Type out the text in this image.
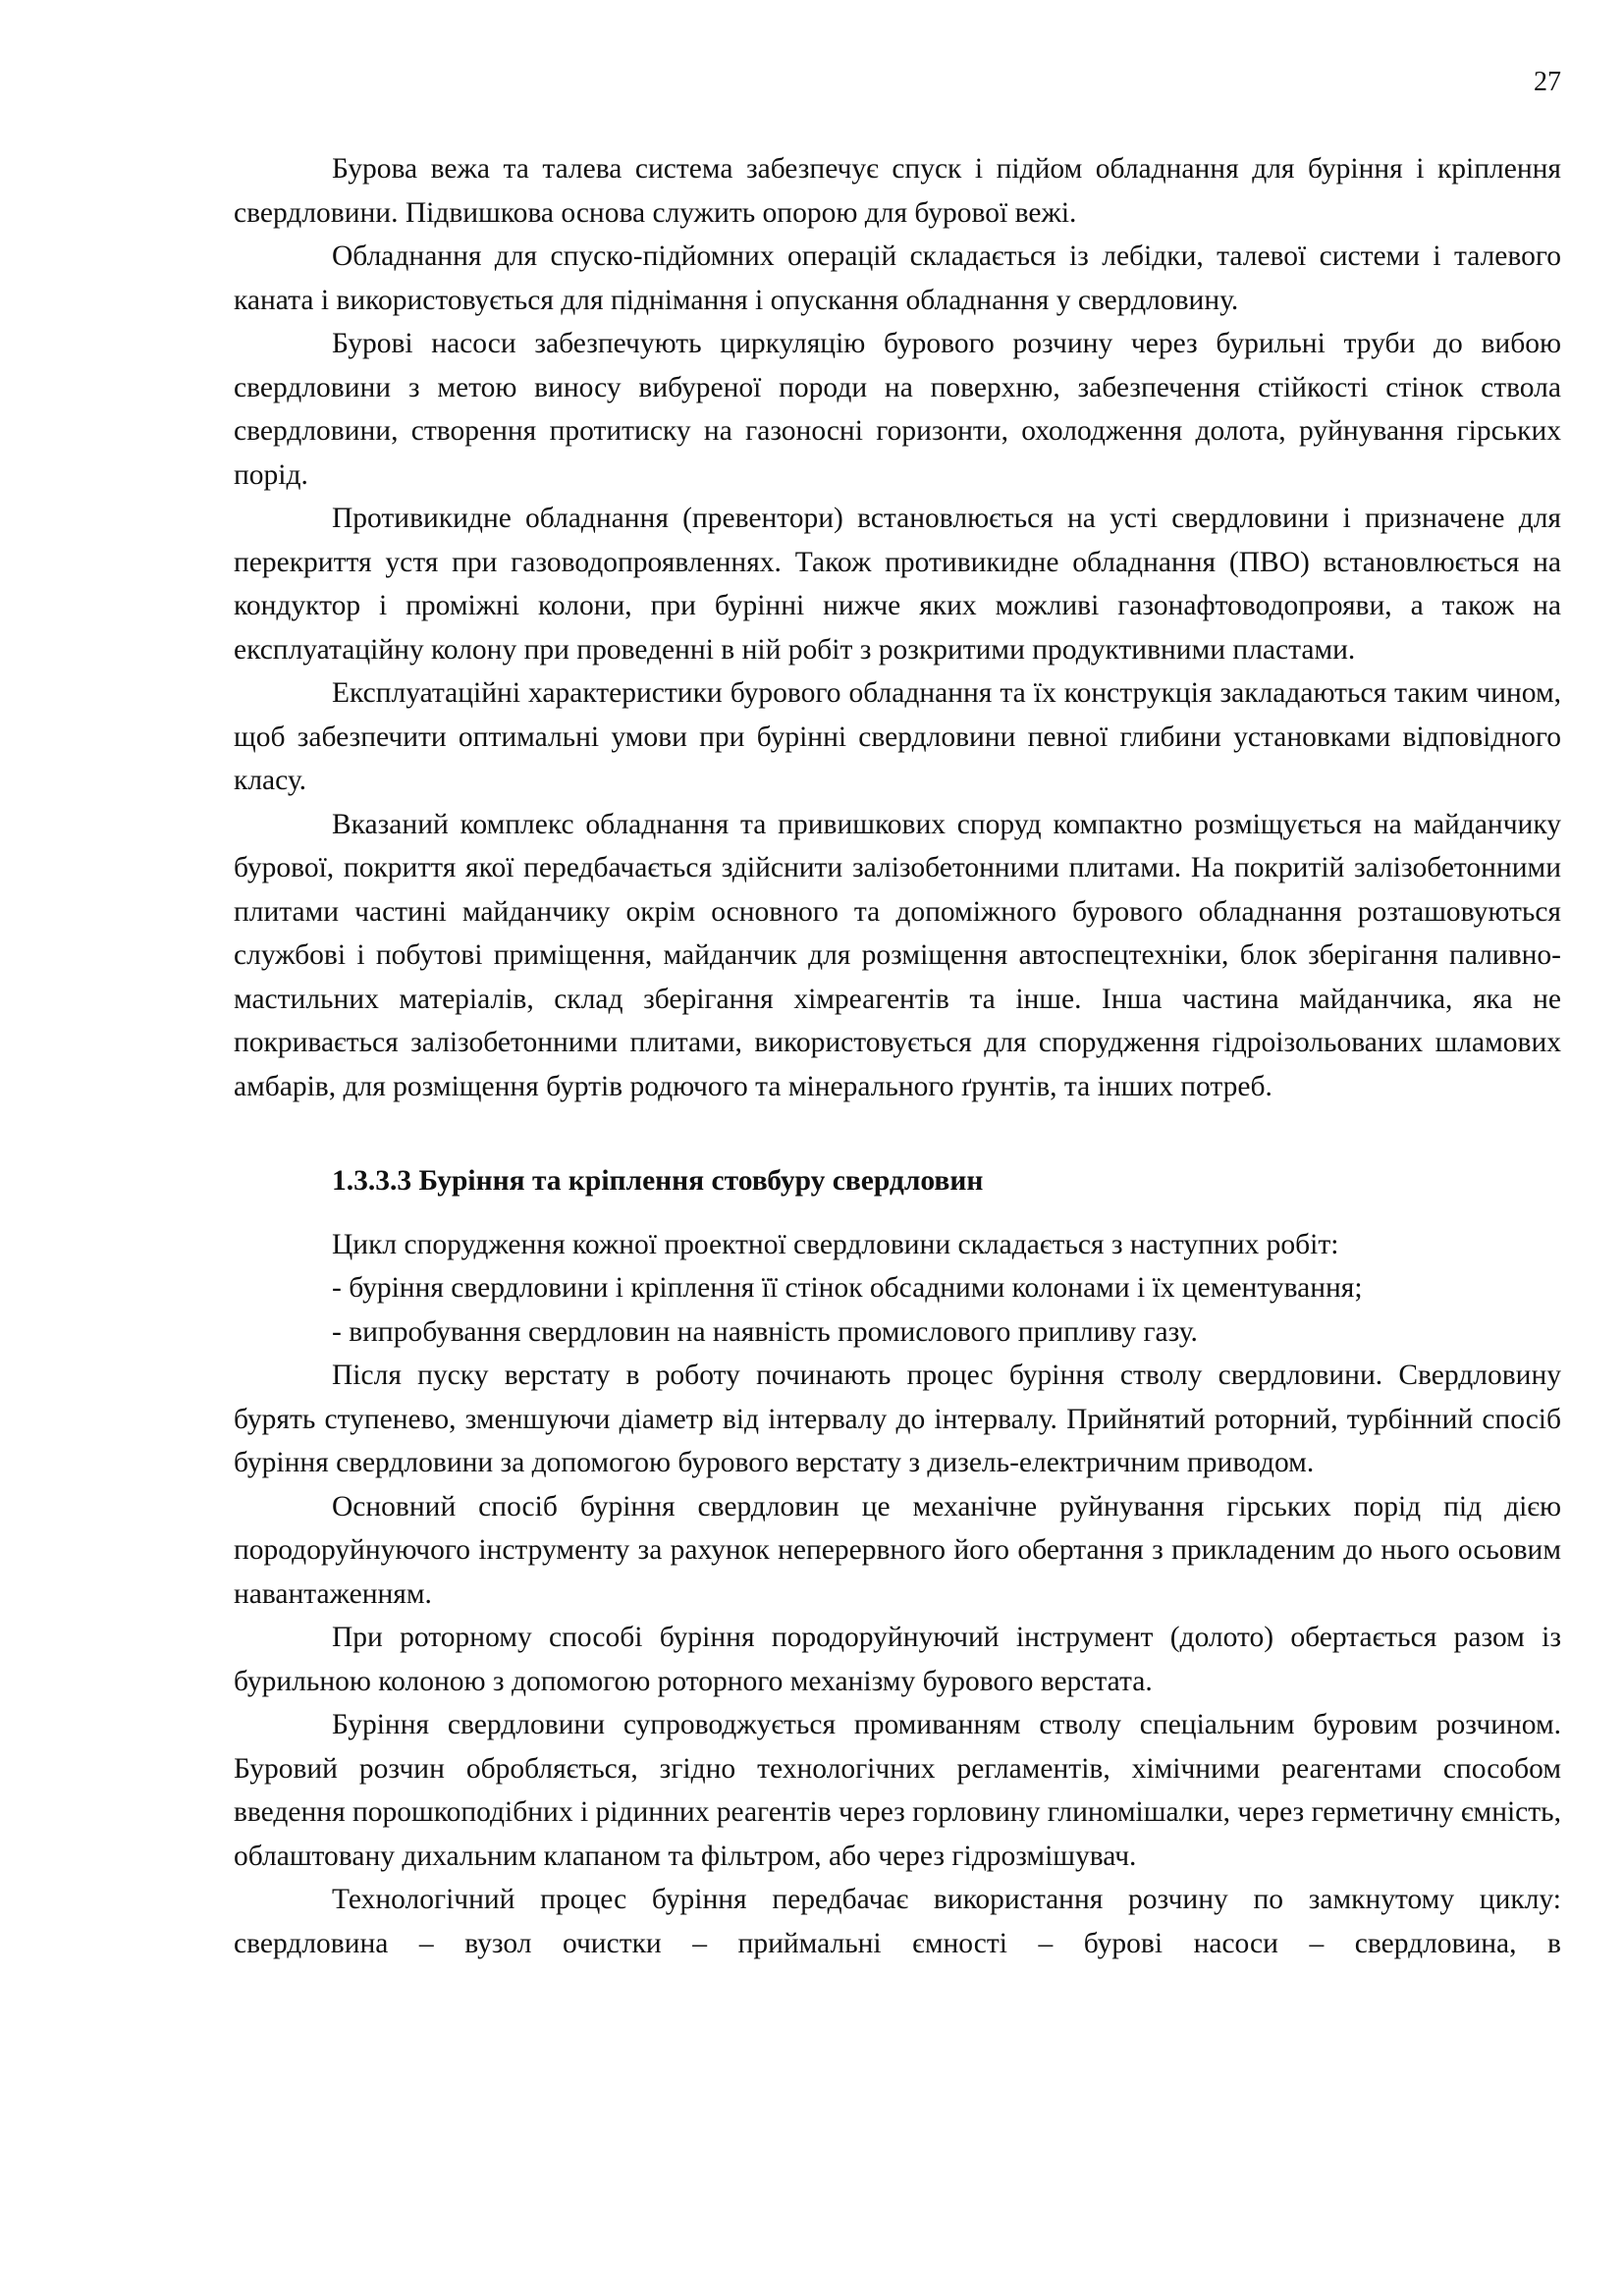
27

Бурова вежа та талева система забезпечує спуск і підйом обладнання для буріння і кріплення свердловини. Підвишкова основа служить опорою для бурової вежі.

Обладнання для спуско-підйомних операцій складається із лебідки, талевої системи і талевого каната і використовується для піднімання і опускання обладнання у свердловину.

Бурові насоси забезпечують циркуляцію бурового розчину через бурильні труби до вибою свердловини з метою виносу вибуреної породи на поверхню, забезпечення стійкості стінок ствола свердловини, створення протитиску на газоносні горизонти, охолодження долота, руйнування гірських порід.

Противикидне обладнання (превентори) встановлюється на усті свердловини і призначене для перекриття устя при газоводопроявленнях. Також противикидне обладнання (ПВО) встановлюється на кондуктор і проміжні колони, при бурінні нижче яких можливі газонафтоводопрояви, а також на експлуатаційну колону при проведенні в ній робіт з розкритими продуктивними пластами.

Експлуатаційні характеристики бурового обладнання та їх конструкція закладаються таким чином, щоб забезпечити оптимальні умови при бурінні свердловини певної глибини установками відповідного класу.

Вказаний комплекс обладнання та привишкових споруд компактно розміщується на майданчику бурової, покриття якої передбачається здійснити залізобетонними плитами. На покритій залізобетонними плитами частині майданчику окрім основного та допоміжного бурового обладнання розташовуються службові і побутові приміщення, майданчик для розміщення автоспецтехніки, блок зберігання паливно-мастильних матеріалів, склад зберігання хімреагентів та інше. Інша частина майданчика, яка не покривається залізобетонними плитами, використовується для спорудження гідроізольованих шламових амбарів, для розміщення буртів родючого та мінерального ґрунтів, та інших потреб.

1.3.3.3 Буріння та кріплення стовбуру свердловин

Цикл спорудження кожної проектної свердловини складається з наступних робіт:

- буріння свердловини і кріплення її стінок обсадними колонами і їх цементування;

- випробування свердловин на наявність промислового припливу газу.

Після пуску верстату в роботу починають процес буріння стволу свердловини. Свердловину бурять ступенево, зменшуючи діаметр від інтервалу до інтервалу. Прийнятий роторний, турбінний спосіб буріння свердловини за допомогою бурового верстату з дизель-електричним приводом.

Основний спосіб буріння свердловин це механічне руйнування гірських порід під дією породоруйнуючого інструменту за рахунок неперервного його обертання з прикладеним до нього осьовим навантаженням.

При роторному способі буріння породоруйнуючий інструмент (долото) обертається разом із бурильною колоною з допомогою роторного механізму бурового верстата.

Буріння свердловини супроводжується промиванням стволу спеціальним буровим розчином. Буровий розчин обробляється, згідно технологічних регламентів, хімічними реагентами способом введення порошкоподібних і рідинних реагентів через горловину глиномішалки, через герметичну ємність, облаштовану дихальним клапаном та фільтром, або через гідрозмішувач.

Технологічний процес буріння передбачає використання розчину по замкнутому циклу: свердловина – вузол очистки – приймальні ємності – бурові насоси – свердловина, в
